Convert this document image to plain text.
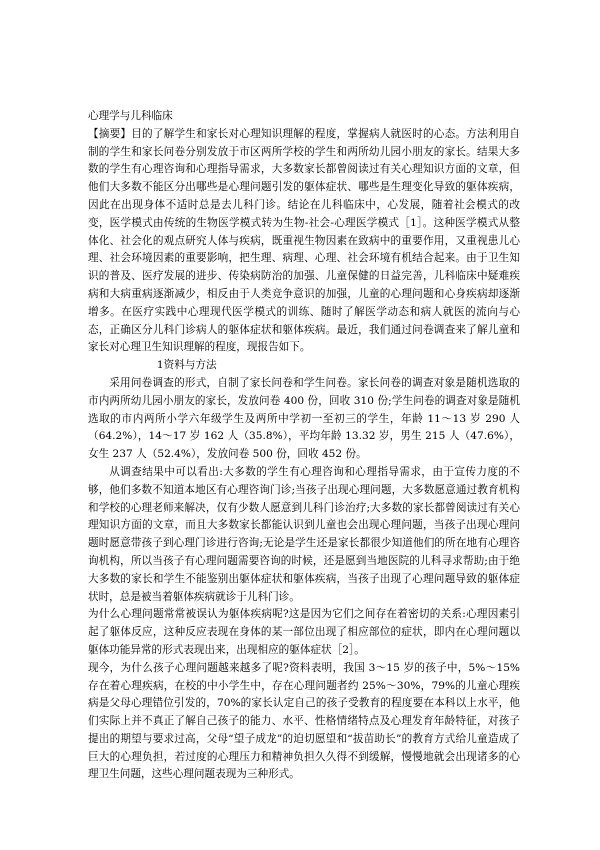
心理学与儿科临床

【摘要】目的了解学生和家长对心理知识理解的程度，掌握病人就医时的心态。方法利用自制的学生和家长问卷分别发放于市区两所学校的学生和两所幼儿园小朋友的家长。结果大多数的学生有心理咨询和心理指导需求，大多数家长都曾阅读过有关心理知识方面的文章，但他们大多数不能区分出哪些是心理问题引发的躯体症状、哪些是生理变化导致的躯体疾病，因此在出现身体不适时总是去儿科门诊。结论在儿科临床中，心发展，随着社会模式的改变，医学模式由传统的生物医学模式转为生物-社会-心理医学模式［1］。这种医学模式从整体化、社会化的观点研究人体与疾病，既重视生物因素在致病中的重要作用，又重视患儿心理、社会环境因素的重要影响，把生理、病理、心理、社会环境有机结合起来。由于卫生知识的普及、医疗发展的进步、传染病防治的加强、儿童保健的日益完善，儿科临床中疑难疾病和大病重病逐渐减少，相反由于人类竞争意识的加强，儿童的心理问题和心身疾病却逐渐增多。在医疗实践中心理现代医学模式的训练、随时了解医学动态和病人就医的流向与心态，正确区分儿科门诊病人的躯体症状和躯体疾病。最近，我们通过问卷调查来了解儿童和家长对心理卫生知识理解的程度，现报告如下。

1资料与方法

采用问卷调查的形式，自制了家长问卷和学生问卷。家长问卷的调查对象是随机选取的市内两所幼儿园小朋友的家长，发放问卷 400 份，回收 310 份;学生问卷的调查对象是随机选取的市内两所小学六年级学生及两所中学初一至初三的学生，年龄 11～13 岁 290 人（64.2%），14～17 岁 162 人（35.8%），平均年龄 13.32 岁，男生 215 人（47.6%），女生 237 人（52.4%），发放问卷 500 份，回收 452 份。

从调查结果中可以看出:大多数的学生有心理咨询和心理指导需求，由于宣传力度的不够，他们多数不知道本地区有心理咨询门诊;当孩子出现心理问题，大多数愿意通过教育机构和学校的心理老师来解决，仅有少数人愿意到儿科门诊治疗;大多数的家长都曾阅读过有关心理知识方面的文章，而且大多数家长都能认识到儿童也会出现心理问题，当孩子出现心理问题时愿意带孩子到心理门诊进行咨询;无论是学生还是家长都很少知道他们的所在地有心理咨询机构，所以当孩子有心理问题需要咨询的时候，还是愿到当地医院的儿科寻求帮助;由于绝大多数的家长和学生不能鉴别出躯体症状和躯体疾病，当孩子出现了心理问题导致的躯体症状时，总是被当着躯体疾病就诊于儿科门诊。

为什么心理问题常常被误认为躯体疾病呢?这是因为它们之间存在着密切的关系:心理因素引起了躯体反应，这种反应表现在身体的某一部位出现了相应部位的症状，即内在心理问题以躯体功能异常的形式表现出来，出现相应的躯体症状［2］。

现今，为什么孩子心理问题越来越多了呢?资料表明，我国 3～15 岁的孩子中，5%～15%存在着心理疾病，在校的中小学生中，存在心理问题者约 25%～30%，79%的儿童心理疾病是父母心理错位引发的，70%的家长认定自己的孩子受教育的程度要在本科以上水平，他们实际上并不真正了解自己孩子的能力、水平、性格情绪特点及心理发育年龄特征，对孩子提出的期望与要求过高，父母“望子成龙”的迫切愿望和“拔苗助长”的教育方式给儿童造成了巨大的心理负担，若过度的心理压力和精神负担久久得不到缓解，慢慢地就会出现诸多的心理卫生问题，这些心理问题表现为三种形式。
